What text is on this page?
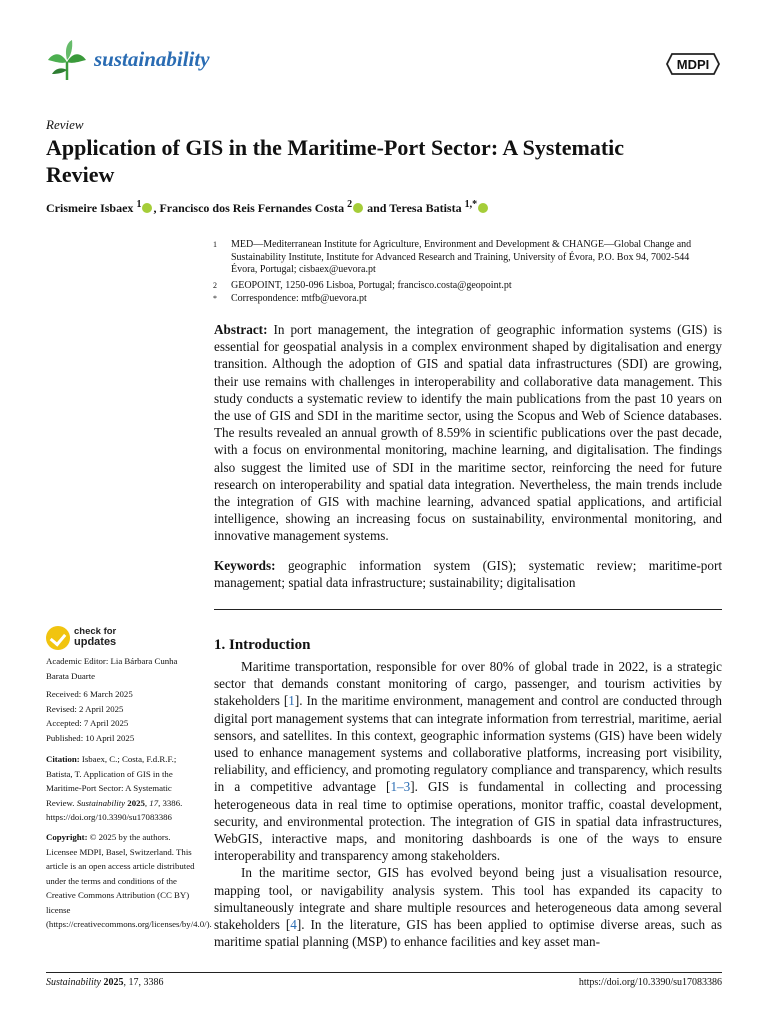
sustainability	MDPI
Review
Application of GIS in the Maritime-Port Sector: A Systematic Review
Crismeire Isbaex $^1$ , Francisco dos Reis Fernandes Costa $^2$ and Teresa Batista $^{1,*}$
1 MED—Mediterranean Institute for Agriculture, Environment and Development & CHANGE—Global Change and Sustainability Institute, Institute for Advanced Research and Training, University of Évora, P.O. Box 94, 7002-544 Évora, Portugal; cisbaex@uevora.pt
2 GEOPOINT, 1250-096 Lisboa, Portugal; francisco.costa@geopoint.pt
* Correspondence: mtfb@uevora.pt
Abstract: In port management, the integration of geographic information systems (GIS) is essential for geospatial analysis in a complex environment shaped by digitalisation and energy transition. Although the adoption of GIS and spatial data infrastructures (SDI) are growing, their use remains with challenges in interoperability and collaborative data management. This study conducts a systematic review to identify the main publications from the past 10 years on the use of GIS and SDI in the maritime sector, using the Scopus and Web of Science databases. The results revealed an annual growth of 8.59% in scientific publications over the past decade, with a focus on environmental monitoring, machine learning, and digitalisation. The findings also suggest the limited use of SDI in the maritime sector, reinforcing the need for future research on interoperability and spatial data integration. Nevertheless, the main trends include the integration of GIS with machine learning, advanced spatial applications, and artificial intelligence, showing an increasing focus on sustainability, environmental monitoring, and innovative management systems.
Keywords: geographic information system (GIS); systematic review; maritime-port management; spatial data infrastructure; sustainability; digitalisation
check for
updates
Academic Editor: Lia Bárbara Cunha Barata Duarte
Received: 6 March 2025
Revised: 2 April 2025
Accepted: 7 April 2025
Published: 10 April 2025
Citation: Isbaex, C.; Costa, F.d.R.F.; Batista, T. Application of GIS in the Maritime-Port Sector: A Systematic Review. Sustainability 2025, 17, 3386. https://doi.org/10.3390/su17083386
Copyright: © 2025 by the authors. Licensee MDPI, Basel, Switzerland. This article is an open access article distributed under the terms and conditions of the Creative Commons Attribution (CC BY) license (https://creativecommons.org/licenses/by/4.0/).
1. Introduction

Maritime transportation, responsible for over 80% of global trade in 2022, is a strategic sector that demands constant monitoring of cargo, passenger, and tourism activities by stakeholders [1]. In the maritime environment, management and control are conducted through digital port management systems that can integrate information from terrestrial, maritime, aerial sensors, and satellites. In this context, geographic information systems (GIS) have been widely used to enhance management systems and collaborative platforms, increasing port visibility, reliability, and efficiency, and promoting regulatory compliance and transparency, which results in a competitive advantage [1–3]. GIS is fundamental in collecting and processing heterogeneous data in real time to optimise operations, monitor traffic, coastal development, security, and environmental protection. The integration of GIS in spatial data infrastructures, WebGIS, interactive maps, and monitoring dashboards is one of the ways to ensure interoperability and transparency among stakeholders.

In the maritime sector, GIS has evolved beyond being just a visualisation resource, mapping tool, or navigability analysis system. This tool has expanded its capacity to simultaneously integrate and share multiple resources and heterogeneous data among several stakeholders [4]. In the literature, GIS has been applied to optimise diverse areas, such as maritime spatial planning (MSP) to enhance facilities and key asset man-

Sustainability 2025, 17, 3386	https://doi.org/10.3390/su17083386
